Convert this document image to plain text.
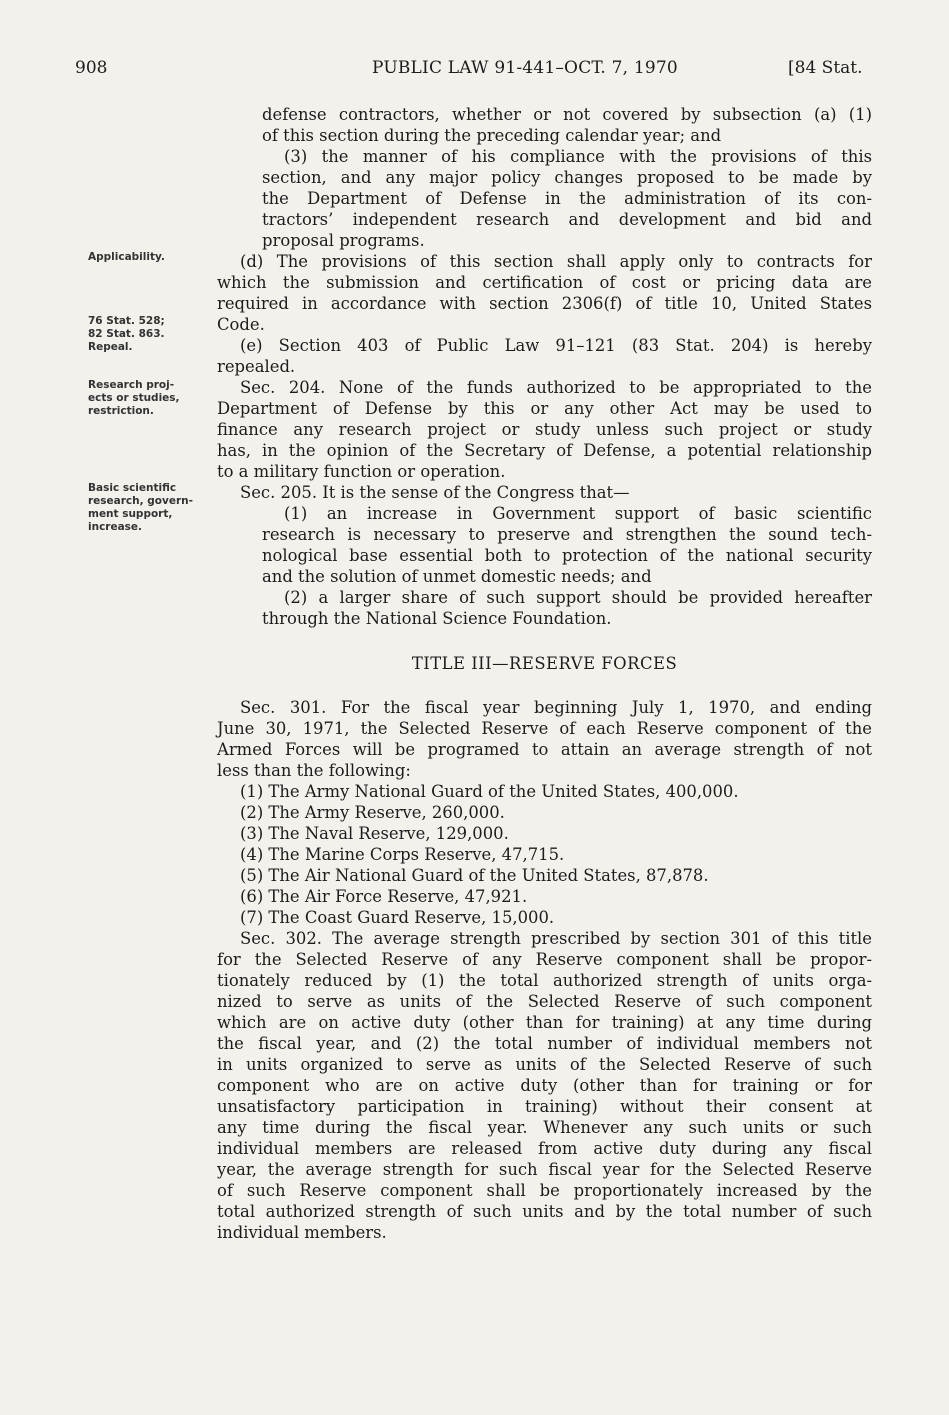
908	PUBLIC LAW 91-441–OCT. 7, 1970	[84 Stat.
Applicability.
76 Stat. 528;
82 Stat. 863.
Repeal.
Research proj-
ects or studies,
restriction.
Basic scientific
research, govern-
ment support,
increase.
defense contractors, whether or not covered by subsection (a) (1)
of this section during the preceding calendar year; and
(3) the manner of his compliance with the provisions of this
section, and any major policy changes proposed to be made by
the Department of Defense in the administration of its con-
tractors’ independent research and development and bid and
proposal programs.
(d) The provisions of this section shall apply only to contracts for
which the submission and certification of cost or pricing data are
required in accordance with section 2306(f) of title 10, United States
Code.
(e) Section 403 of Public Law 91–121 (83 Stat. 204) is hereby
repealed.
Sec. 204. None of the funds authorized to be appropriated to the
Department of Defense by this or any other Act may be used to
finance any research project or study unless such project or study
has, in the opinion of the Secretary of Defense, a potential relationship
to a military function or operation.
Sec. 205. It is the sense of the Congress that—
(1) an increase in Government support of basic scientific
research is necessary to preserve and strengthen the sound tech-
nological base essential both to protection of the national security
and the solution of unmet domestic needs; and
(2) a larger share of such support should be provided hereafter
through the National Science Foundation.
TITLE III—RESERVE FORCES
Sec. 301. For the fiscal year beginning July 1, 1970, and ending
June 30, 1971, the Selected Reserve of each Reserve component of the
Armed Forces will be programed to attain an average strength of not
less than the following:
(1) The Army National Guard of the United States, 400,000.
(2) The Army Reserve, 260,000.
(3) The Naval Reserve, 129,000.
(4) The Marine Corps Reserve, 47,715.
(5) The Air National Guard of the United States, 87,878.
(6) The Air Force Reserve, 47,921.
(7) The Coast Guard Reserve, 15,000.
Sec. 302. The average strength prescribed by section 301 of this title
for the Selected Reserve of any Reserve component shall be propor-
tionately reduced by (1) the total authorized strength of units orga-
nized to serve as units of the Selected Reserve of such component
which are on active duty (other than for training) at any time during
the fiscal year, and (2) the total number of individual members not
in units organized to serve as units of the Selected Reserve of such
component who are on active duty (other than for training or for
unsatisfactory participation in training) without their consent at
any time during the fiscal year. Whenever any such units or such
individual members are released from active duty during any fiscal
year, the average strength for such fiscal year for the Selected Reserve
of such Reserve component shall be proportionately increased by the
total authorized strength of such units and by the total number of such
individual members.
